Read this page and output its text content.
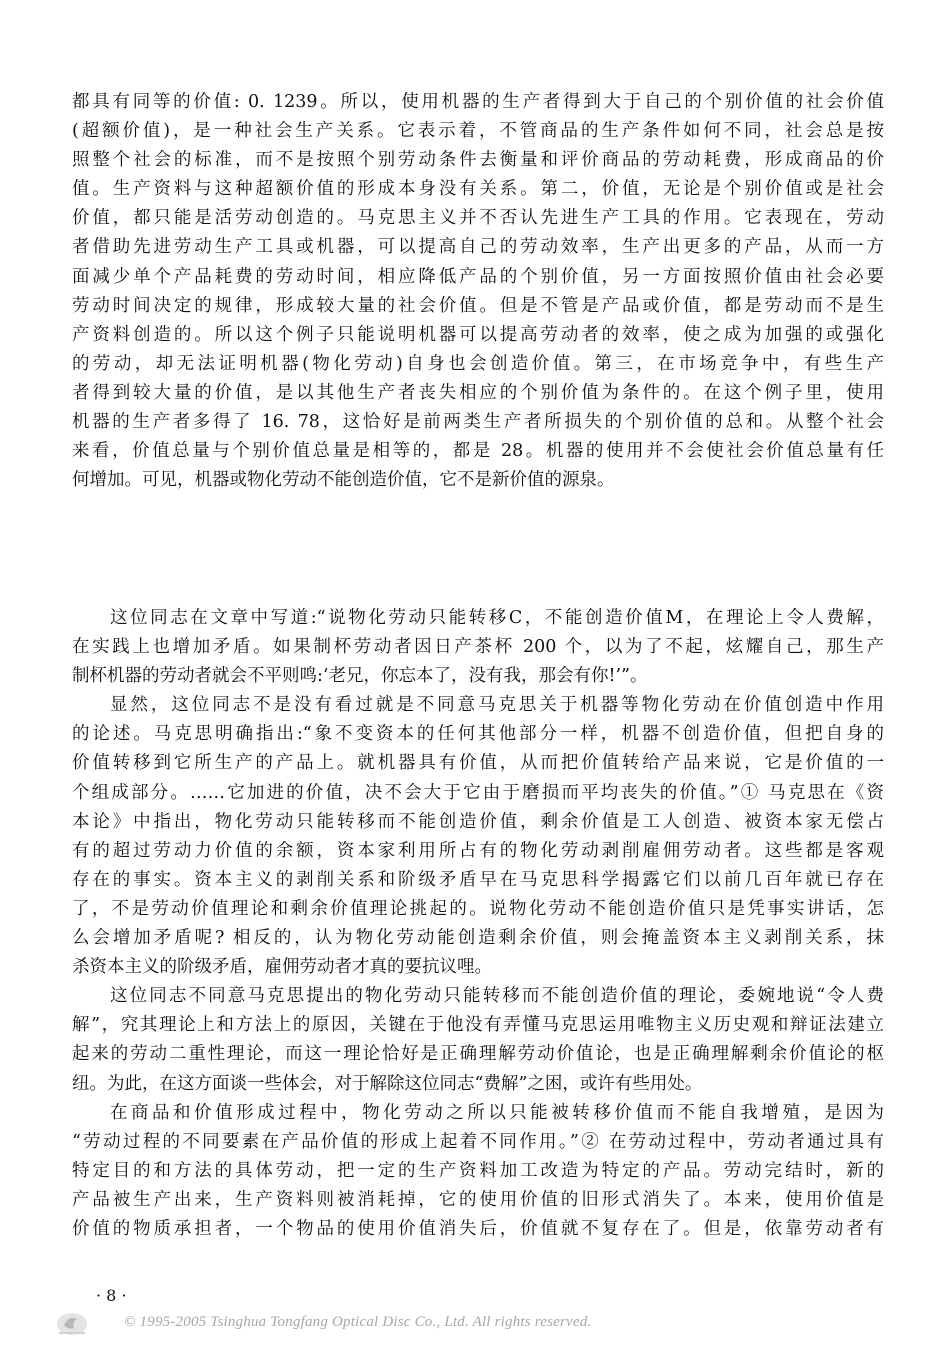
都具有同等的价值: 0. 1239。所以，使用机器的生产者得到大于自己的个别价值的社会价值
(超额价值)，是一种社会生产关系。它表示着，不管商品的生产条件如何不同，社会总是按
照整个社会的标准，而不是按照个别劳动条件去衡量和评价商品的劳动耗费，形成商品的价
值。生产资料与这种超额价值的形成本身没有关系。第二，价值，无论是个别价值或是社会
价值，都只能是活劳动创造的。马克思主义并不否认先进生产工具的作用。它表现在，劳动
者借助先进劳动生产工具或机器，可以提高自己的劳动效率，生产出更多的产品，从而一方
面减少单个产品耗费的劳动时间，相应降低产品的个别价值，另一方面按照价值由社会必要
劳动时间决定的规律，形成较大量的社会价值。但是不管是产品或价值，都是劳动而不是生
产资料创造的。所以这个例子只能说明机器可以提高劳动者的效率，使之成为加强的或强化
的劳动，却无法证明机器(物化劳动)自身也会创造价值。第三，在市场竞争中，有些生产
者得到较大量的价值，是以其他生产者丧失相应的个别价值为条件的。在这个例子里，使用
机器的生产者多得了 16. 78，这恰好是前两类生产者所损失的个别价值的总和。从整个社会
来看，价值总量与个别价值总量是相等的，都是 28。机器的使用并不会使社会价值总量有任
何增加。可见，机器或物化劳动不能创造价值，它不是新价值的源泉。
这位同志在文章中写道:“说物化劳动只能转移C，不能创造价值M，在理论上令人费解，
在实践上也增加矛盾。如果制杯劳动者因日产茶杯 200 个，以为了不起，炫耀自己，那生产
制杯机器的劳动者就会不平则鸣:‘老兄，你忘本了，没有我，那会有你!’”。
显然，这位同志不是没有看过就是不同意马克思关于机器等物化劳动在价值创造中作用
的论述。马克思明确指出:“象不变资本的任何其他部分一样，机器不创造价值，但把自身的
价值转移到它所生产的产品上。就机器具有价值，从而把价值转给产品来说，它是价值的一
个组成部分。……它加进的价值，决不会大于它由于磨损而平均丧失的价值。”① 马克思在《资
本论》中指出，物化劳动只能转移而不能创造价值，剩余价值是工人创造、被资本家无偿占
有的超过劳动力价值的余额，资本家利用所占有的物化劳动剥削雇佣劳动者。这些都是客观
存在的事实。资本主义的剥削关系和阶级矛盾早在马克思科学揭露它们以前几百年就已存在
了，不是劳动价值理论和剩余价值理论挑起的。说物化劳动不能创造价值只是凭事实讲话，怎
么会增加矛盾呢? 相反的，认为物化劳动能创造剩余价值，则会掩盖资本主义剥削关系，抹
杀资本主义的阶级矛盾，雇佣劳动者才真的要抗议哩。
这位同志不同意马克思提出的物化劳动只能转移而不能创造价值的理论，委婉地说“令人费
解”，究其理论上和方法上的原因，关键在于他没有弄懂马克思运用唯物主义历史观和辩证法建立
起来的劳动二重性理论，而这一理论恰好是正确理解劳动价值论，也是正确理解剩余价值论的枢
纽。为此，在这方面谈一些体会，对于解除这位同志“费解”之困，或许有些用处。
在商品和价值形成过程中，物化劳动之所以只能被转移价值而不能自我增殖，是因为
“劳动过程的不同要素在产品价值的形成上起着不同作用。”② 在劳动过程中，劳动者通过具有
特定目的和方法的具体劳动，把一定的生产资料加工改造为特定的产品。劳动完结时，新的
产品被生产出来，生产资料则被消耗掉，它的使用价值的旧形式消失了。本来，使用价值是
价值的物质承担者，一个物品的使用价值消失后，价值就不复存在了。但是，依靠劳动者有
· 8 ·
© 1995-2005 Tsinghua Tongfang Optical Disc Co., Ltd. All rights reserved.
